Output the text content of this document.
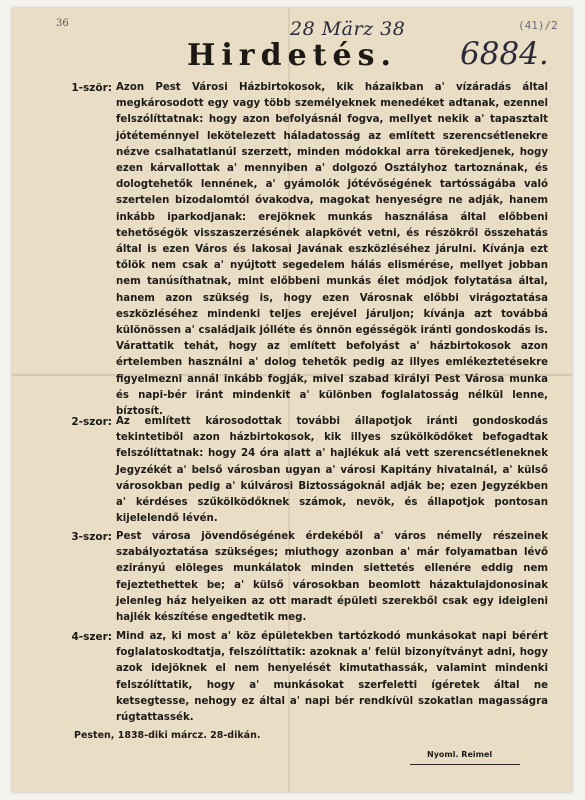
36	(41)/2
28 März 38
6884.
Hirdetés.
1-ször: Azon Pest Városi Házbirtokosok, kik házaikban a' vízáradás által megkárosodott egy vagy több személyeknek menedéket adtanak, ezennel felszólíttatnak: hogy azon befolyásnál fogva, mellyet nekik a' tapasztalt jótéteménnyel lekötelezett háladatosság az említett szerencsétlenekre nézve csalhatatlanúl szerzett, minden módokkal arra törekedjenek, hogy ezen kárvallottak a' mennyiben a' dolgozó Osztályhoz tartoznának, és dologtehetők lennének, a' gyámolók jótévőségének tartósságába való szertelen bizodalomtól óvakodva, magokat henyeségre ne adják, hanem inkább iparkodjanak: erejöknek munkás használása által előbbeni tehetőségök visszaszerzésének alapkövét vetni, és részökről összehatás által is ezen Város és lakosai Javának eszközléséhez járulni. Kívánja ezt tőlök nem csak a' nyújtott segedelem hálás elismérése, mellyet jobban nem tanúsíthatnak, mint előbbeni munkás élet módjok folytatása által, hanem azon szükség is, hogy ezen Városnak előbbi virágoztatása eszközléséhez mindenki teljes erejével járuljon; kívánja azt továbbá különössen a' családjaik jólléte és önnön egésségök iránti gondoskodás is. Várattatik tehát, hogy az említett befolyást a' házbirtokosok azon értelemben használni a' dolog tehetők pedig az illyes emlékeztetésekre figyelmezni annál inkább fogják, mivel szabad királyi Pest Városa munka és napi-bér iránt mindenkit a' különben foglalatosság nélkül lenne, bíztosít.
2-szor: Az említett károsodottak további állapotjok iránti gondoskodás tekintetiből azon házbirtokosok, kik illyes szűkölködőket befogadtak felszólíttatnak: hogy 24 óra alatt a' hajlékuk alá vett szerencsétleneknek Jegyzékét a' belső városban ugyan a' városi Kapitány hivatalnál, a' külső városokban pedig a' kúlvárosi Biztosságoknál adják be; ezen Jegyzékben a' kérdéses szűkölködőknek számok, nevök, és állapotjok pontosan kijelelendő lévén.
3-szor: Pest városa jövendőségének érdekéből a' város némelly részeinek szabályoztatása szükséges; miuthogy azonban a' már folyamatban lévő ezirányú elöleges munkálatok minden siettetés ellenére eddig nem fejeztethettek be; a' külső városokban beomlott házaktulajdonosinak jelenleg ház helyeiken az ott maradt épületi szerekből csak egy ideigleni hajlék készítése engedtetik meg.
4-szer: Mind az, ki most a' köz épületekben tartózkodó munkásokat napi bérért foglalatoskodtatja, felszólíttatik: azoknak a' felül bizonyítványt adni, hogy azok idejöknek el nem henyelését kimutathassák, valamint mindenki felszólíttatik, hogy a' munkásokat szerfeletti ígéretek által ne ketsegtesse, nehogy ez által a' napi bér rendkívül szokatlan magasságra rúgtattassék.
Pesten, 1838-diki márcz. 28-dikán.
Nyoml. Reimel
